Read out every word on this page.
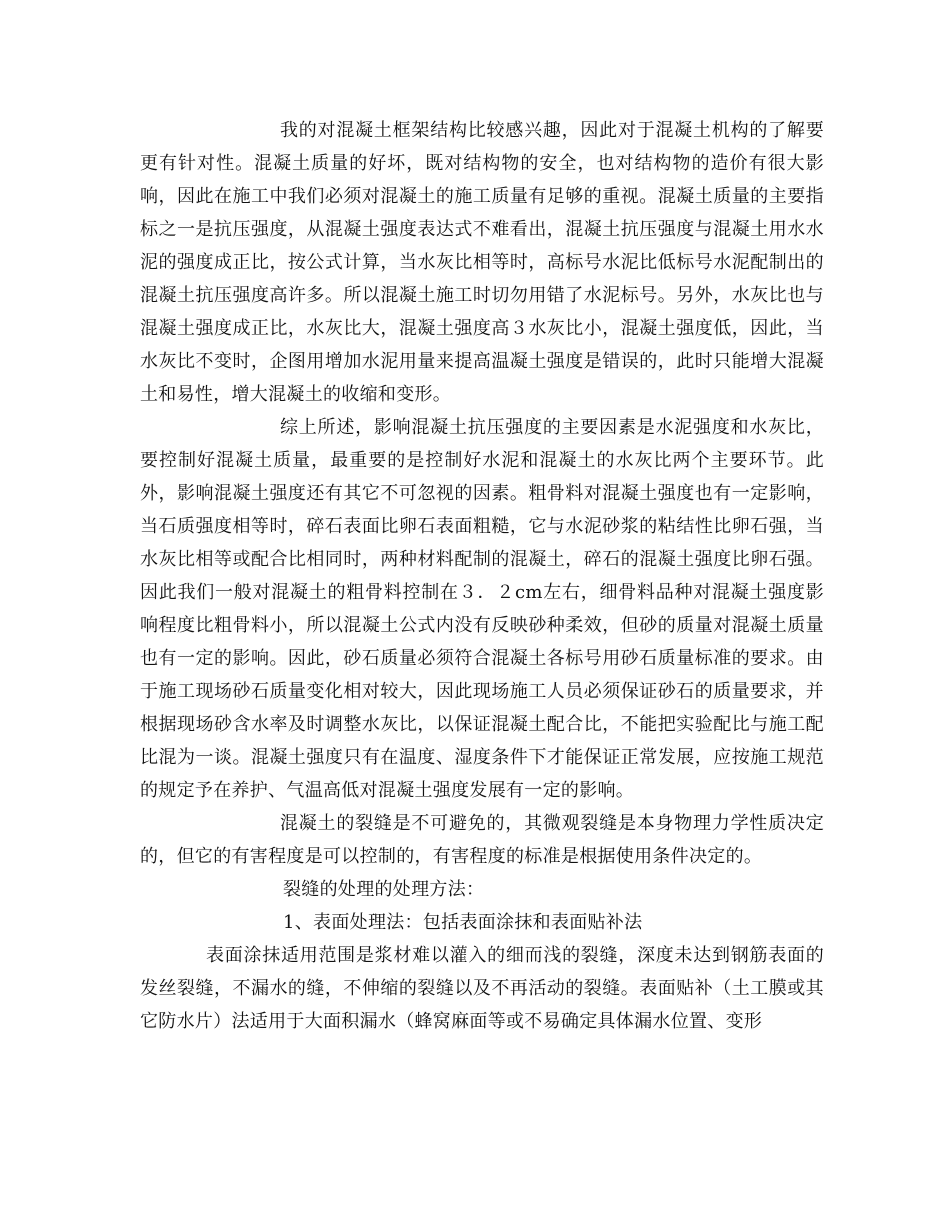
我的对混凝土框架结构比较感兴趣，因此对于混凝土机构的了解要更有针对性。混凝土质量的好坏，既对结构物的安全，也对结构物的造价有很大影响，因此在施工中我们必须对混凝土的施工质量有足够的重视。混凝土质量的主要指标之一是抗压强度，从混凝土强度表达式不难看出，混凝土抗压强度与混凝土用水水泥的强度成正比，按公式计算，当水灰比相等时，高标号水泥比低标号水泥配制出的混凝土抗压强度高许多。所以混凝土施工时切勿用错了水泥标号。另外，水灰比也与混凝土强度成正比，水灰比大，混凝土强度高３水灰比小，混凝土强度低，因此，当水灰比不变时，企图用增加水泥用量来提高温凝土强度是错误的，此时只能增大混凝土和易性，增大混凝土的收缩和变形。

综上所述，影响混凝土抗压强度的主要因素是水泥强度和水灰比，要控制好混凝土质量，最重要的是控制好水泥和混凝土的水灰比两个主要环节。此外，影响混凝土强度还有其它不可忽视的因素。粗骨料对混凝土强度也有一定影响，当石质强度相等时，碎石表面比卵石表面粗糙，它与水泥砂浆的粘结性比卵石强，当水灰比相等或配合比相同时，两种材料配制的混凝土，碎石的混凝土强度比卵石强。因此我们一般对混凝土的粗骨料控制在３．２cm左右，细骨料品种对混凝土强度影响程度比粗骨料小，所以混凝土公式内没有反映砂种柔效，但砂的质量对混凝土质量也有一定的影响。因此，砂石质量必须符合混凝土各标号用砂石质量标准的要求。由于施工现场砂石质量变化相对较大，因此现场施工人员必须保证砂石的质量要求，并根据现场砂含水率及时调整水灰比，以保证混凝土配合比，不能把实验配比与施工配比混为一谈。混凝土强度只有在温度、湿度条件下才能保证正常发展，应按施工规范的规定予在养护、气温高低对混凝土强度发展有一定的影响。

混凝土的裂缝是不可避免的，其微观裂缝是本身物理力学性质决定的，但它的有害程度是可以控制的，有害程度的标准是根据使用条件决定的。

裂缝的处理的处理方法：

1、表面处理法：包括表面涂抹和表面贴补法

表面涂抹适用范围是浆材难以灌入的细而浅的裂缝，深度未达到钢筋表面的发丝裂缝，不漏水的缝，不伸缩的裂缝以及不再活动的裂缝。表面贴补（土工膜或其它防水片）法适用于大面积漏水（蜂窝麻面等或不易确定具体漏水位置、变形
